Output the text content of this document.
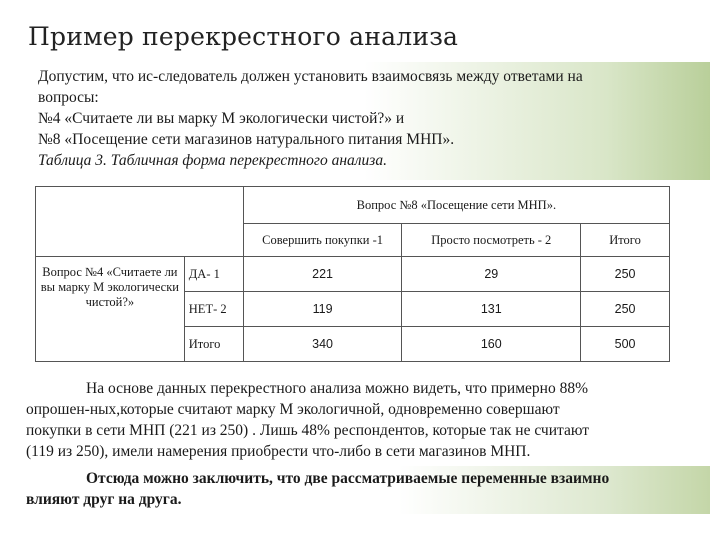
Пример перекрестного анализа
Допустим, что ис-следователь должен установить взаимосвязь между ответами на
вопросы:
№4 «Считаете ли вы марку М экологически чистой?» и
№8 «Посещение сети магазинов натурального питания МНП».
Таблица 3. Табличная форма перекрестного анализа.
		Вопрос №8 «Посещение сети МНП».		
		Совершить покупки -1	Просто посмотреть - 2	Итого
Вопрос №4 «Считаете ли вы марку М экологически чистой?»	ДА- 1	221	29	250
	НЕТ- 2	119	131	250
	Итого	340	160	500
На основе данных перекрестного анализа можно видеть, что примерно 88%
опрошен-ных,которые считают марку М экологичной, одновременно совершают
покупки в сети МНП (221 из 250) . Лишь 48% респондентов, которые так не считают
(119 из 250), имели намерения приобрести что-либо в сети магазинов МНП.
Отсюда можно заключить, что две рассматриваемые переменные взаимно
влияют друг на друга.
